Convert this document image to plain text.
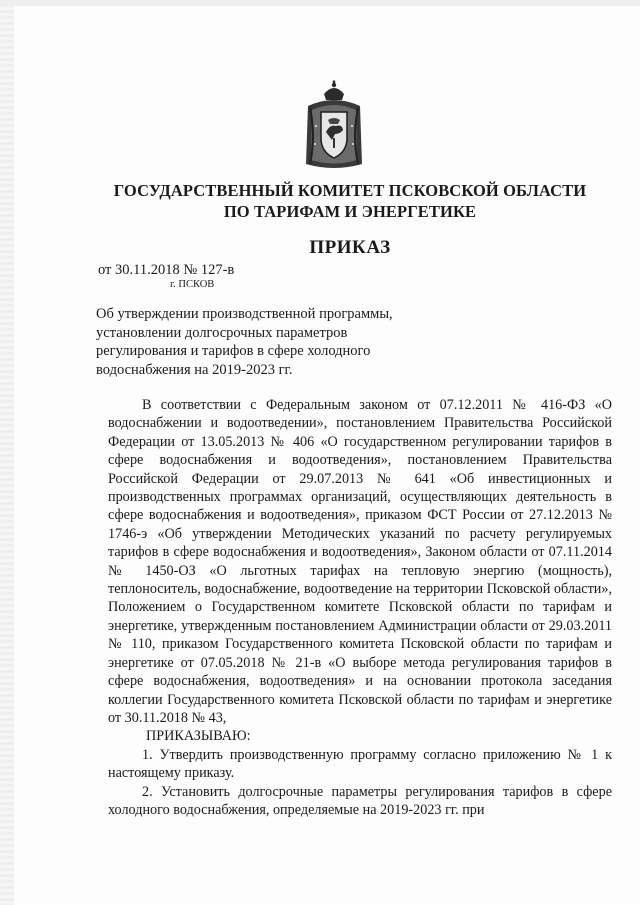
ГОСУДАРСТВЕННЫЙ КОМИТЕТ ПСКОВСКОЙ ОБЛАСТИ
ПО ТАРИФАМ И ЭНЕРГЕТИКЕ
ПРИКАЗ
от 30.11.2018 № 127-в
г. ПСКОВ
Об утверждении производственной программы, установлении долгосрочных параметров регулирования и тарифов в сфере холодного водоснабжения на 2019-2023 гг.

В соответствии с Федеральным законом от 07.12.2011 № 416-ФЗ «О водоснабжении и водоотведении», постановлением Правительства Российской Федерации от 13.05.2013 № 406 «О государственном регулировании тарифов в сфере водоснабжения и водоотведения», постановлением Правительства Российской Федерации от 29.07.2013 № 641 «Об инвестиционных и производственных программах организаций, осуществляющих деятельность в сфере водоснабжения и водоотведения», приказом ФСТ России от 27.12.2013 № 1746-э «Об утверждении Методических указаний по расчету регулируемых тарифов в сфере водоснабжения и водоотведения», Законом области от 07.11.2014 № 1450-ОЗ «О льготных тарифах на тепловую энергию (мощность), теплоноситель, водоснабжение, водоотведение на территории Псковской области», Положением о Государственном комитете Псковской области по тарифам и энергетике, утвержденным постановлением Администрации области от 29.03.2011 № 110, приказом Государственного комитета Псковской области по тарифам и энергетике от 07.05.2018 № 21-в «О выборе метода регулирования тарифов в сфере водоснабжения, водоотведения» и на основании протокола заседания коллегии Государственного комитета Псковской области по тарифам и энергетике от 30.11.2018 № 43,

ПРИКАЗЫВАЮ:

1. Утвердить производственную программу согласно приложению № 1 к настоящему приказу.

2. Установить долгосрочные параметры регулирования тарифов в сфере холодного водоснабжения, определяемые на 2019-2023 гг. при
